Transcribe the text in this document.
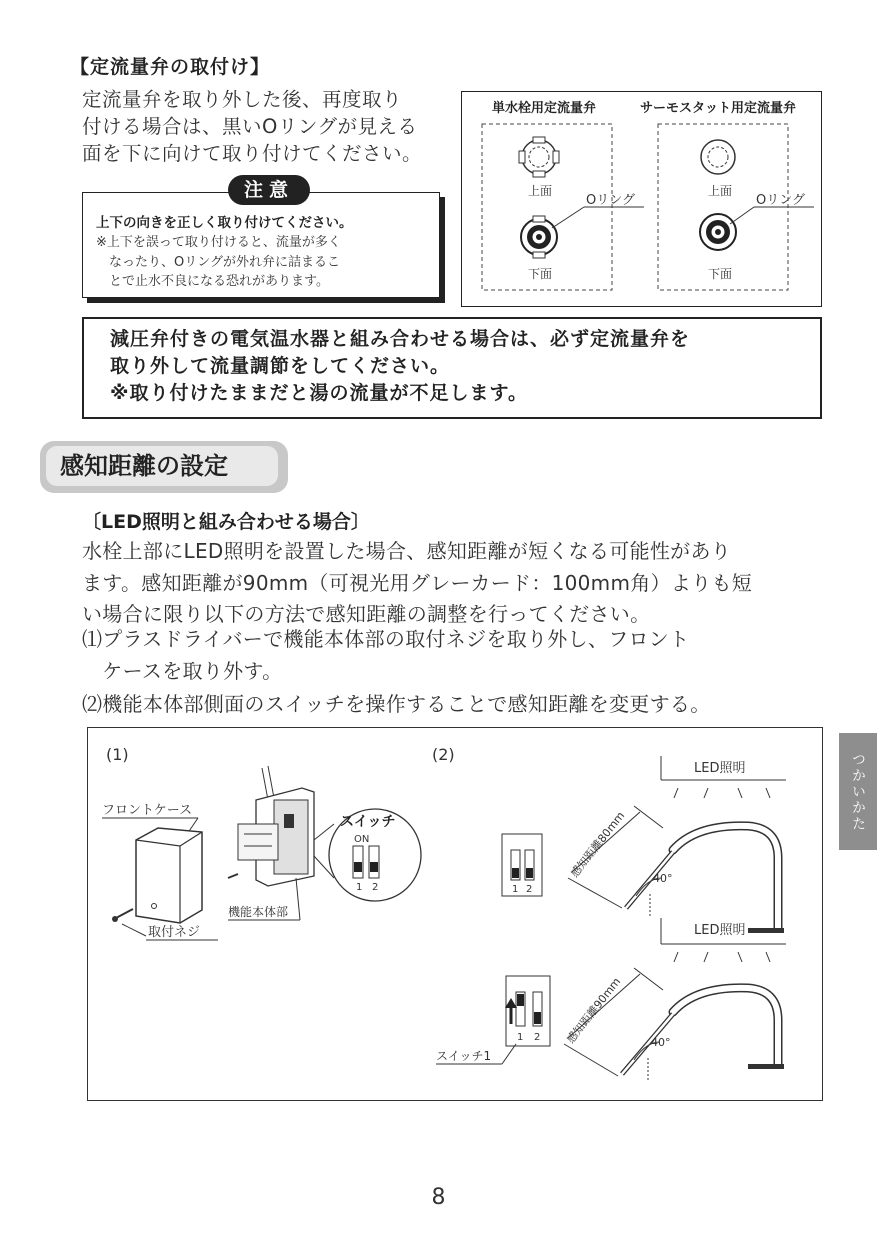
【定流量弁の取付け】
定流量弁を取り外した後、再度取り
付ける場合は、黒いOリングが見える
面を下に向けて取り付けてください。
注意
上下の向きを正しく取り付けてください。
※上下を誤って取り付けると、流量が多く
　なったり、Oリングが外れ弁に詰まるこ
　とで止水不良になる恐れがあります。
単水栓用定流量弁	サーモスタット用定流量弁
上面
下面
Oリング
上面
下面
Oリング
減圧弁付きの電気温水器と組み合わせる場合は、必ず定流量弁を
取り外して流量調節をしてください。
※取り付けたままだと湯の流量が不足します。
感知距離の設定
〔LED照明と組み合わせる場合〕
水栓上部にLED照明を設置した場合、感知距離が短くなる可能性があり
ます。感知距離が90mm（可視光用グレーカード：100mm角）よりも短
い場合に限り以下の方法で感知距離の調整を行ってください。
⑴プラスドライバーで機能本体部の取付ネジを取り外し、フロント
　ケースを取り外す。
⑵機能本体部側面のスイッチを操作することで感知距離を変更する。
(1)	(2)
フロントケース
取付ネジ
機能本体部
スイッチ
ON
1 2	1 2
LED照明
感知距離80mm 40°
1 2
スイッチ1
LED照明
感知距離90mm	40°
つかいかた
8
